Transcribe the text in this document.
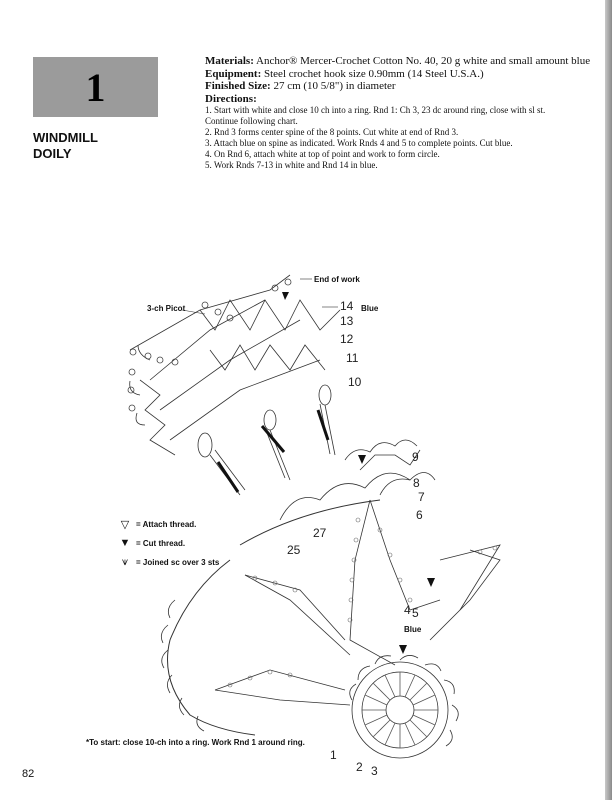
1
WINDMILL
DOILY
Materials: Anchor® Mercer-Crochet Cotton No. 40, 20 g white and small amount blue
Equipment: Steel crochet hook size 0.90mm (14 Steel U.S.A.)
Finished Size: 27 cm (10 5/8") in diameter
Directions:
1. Start with white and close 10 ch into a ring. Rnd 1: Ch 3, 23 dc around ring, close with sl st.
Continue following chart.
2. Rnd 3 forms center spine of the 8 points. Cut white at end of Rnd 3.
3. Attach blue on spine as indicated. Work Rnds 4 and 5 to complete points. Cut blue.
4. On Rnd 6, attach white at top of point and work to form circle.
5. Work Rnds 7-13 in white and Rnd 14 in blue.
End of work
3-ch Picot	Blue
Blue
14
13
12
11
10
9
8
7
6
27
25
4 5
1
2 3
▽ = Attach thread.
▼ = Cut thread.
⩛ = Joined sc over 3 sts
*To start: close 10-ch into a ring. Work Rnd 1 around ring.
82
